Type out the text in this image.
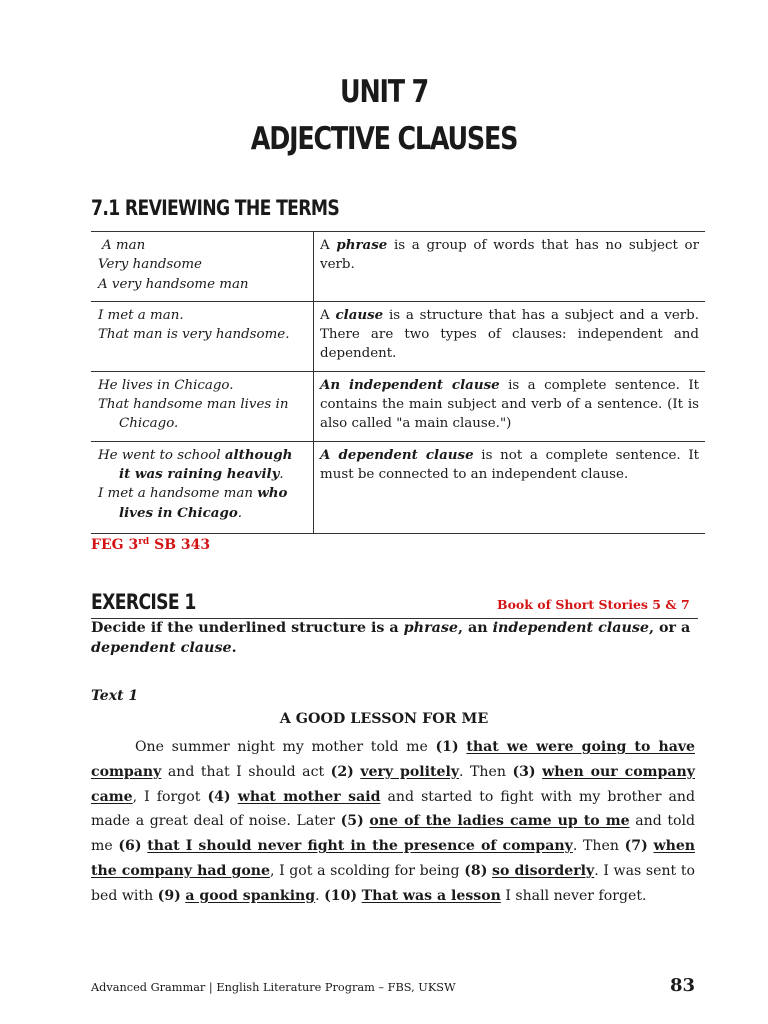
UNIT 7
ADJECTIVE CLAUSES
7.1 REVIEWING THE TERMS
A man
Very handsome
A very handsome man	A phrase is a group of words that has no subject or verb.

I met a man.
That man is very handsome.	A clause is a structure that has a subject and a verb. There are two types of clauses: independent and dependent.

He lives in Chicago.
That handsome man lives in Chicago.	An independent clause is a complete sentence. It contains the main subject and verb of a sentence. (It is also called "a main clause.")

He went to school although it was raining heavily.
I met a handsome man who lives in Chicago.	A dependent clause is not a complete sentence. It must be connected to an independent clause.
FEG 3rd SB 343
EXERCISE 1	Book of Short Stories 5 & 7
Decide if the underlined structure is a phrase, an independent clause, or a dependent clause.
Text 1
A GOOD LESSON FOR ME
One summer night my mother told me (1) that we were going to have company and that I should act (2) very politely. Then (3) when our company came, I forgot (4) what mother said and started to fight with my brother and made a great deal of noise. Later (5) one of the ladies came up to me and told me (6) that I should never fight in the presence of company. Then (7) when the company had gone, I got a scolding for being (8) so disorderly. I was sent to bed with (9) a good spanking. (10) That was a lesson I shall never forget.
Advanced Grammar | English Literature Program – FBS, UKSW	83
